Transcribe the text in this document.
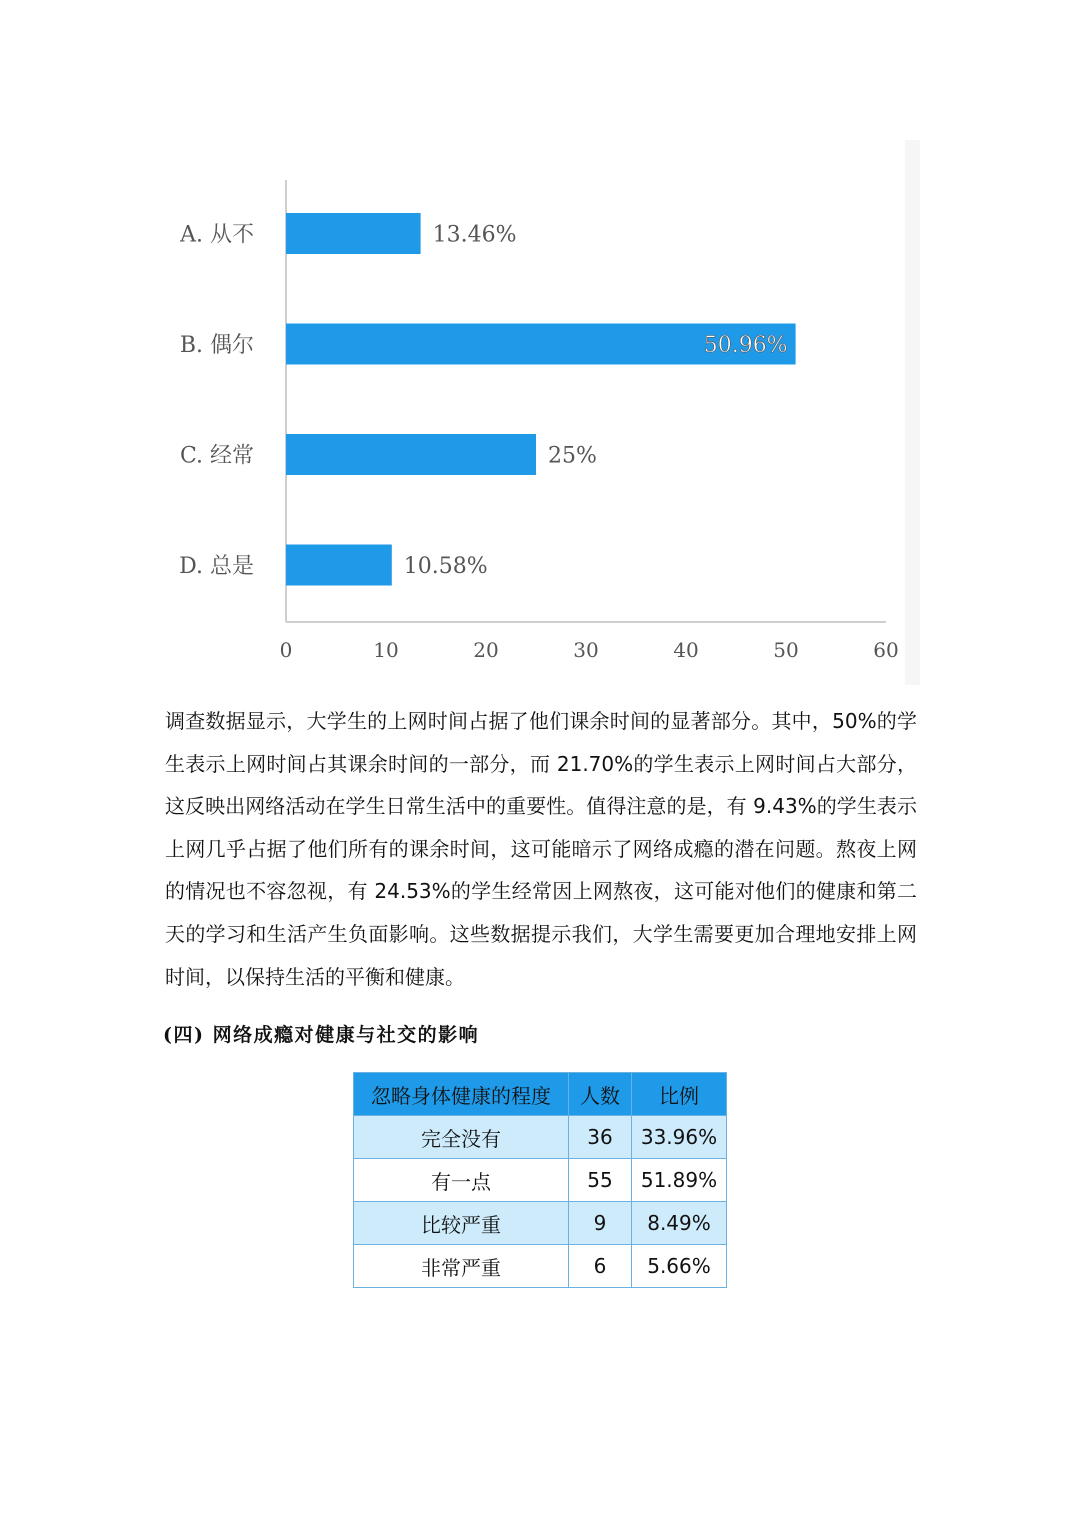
0	10	20	30	40	50	60
A. 从不	13.46%
B. 偶尔	50.96%
C. 经常	25%
D. 总是	10.58%

调查数据显示，大学生的上网时间占据了他们课余时间的显著部分。其中，50%的学生表示上网时间占其课余时间的一部分，而 21.70%的学生表示上网时间占大部分，这反映出网络活动在学生日常生活中的重要性。值得注意的是，有 9.43%的学生表示上网几乎占据了他们所有的课余时间，这可能暗示了网络成瘾的潜在问题。熬夜上网的情况也不容忽视，有 24.53%的学生经常因上网熬夜，这可能对他们的健康和第二天的学习和生活产生负面影响。这些数据提示我们，大学生需要更加合理地安排上网时间，以保持生活的平衡和健康。

(四) 网络成瘾对健康与社交的影响
忽略身体健康的程度	人数	比例
完全没有	36	33.96%
有一点	55	51.89%
比较严重	9	8.49%
非常严重	6	5.66%
